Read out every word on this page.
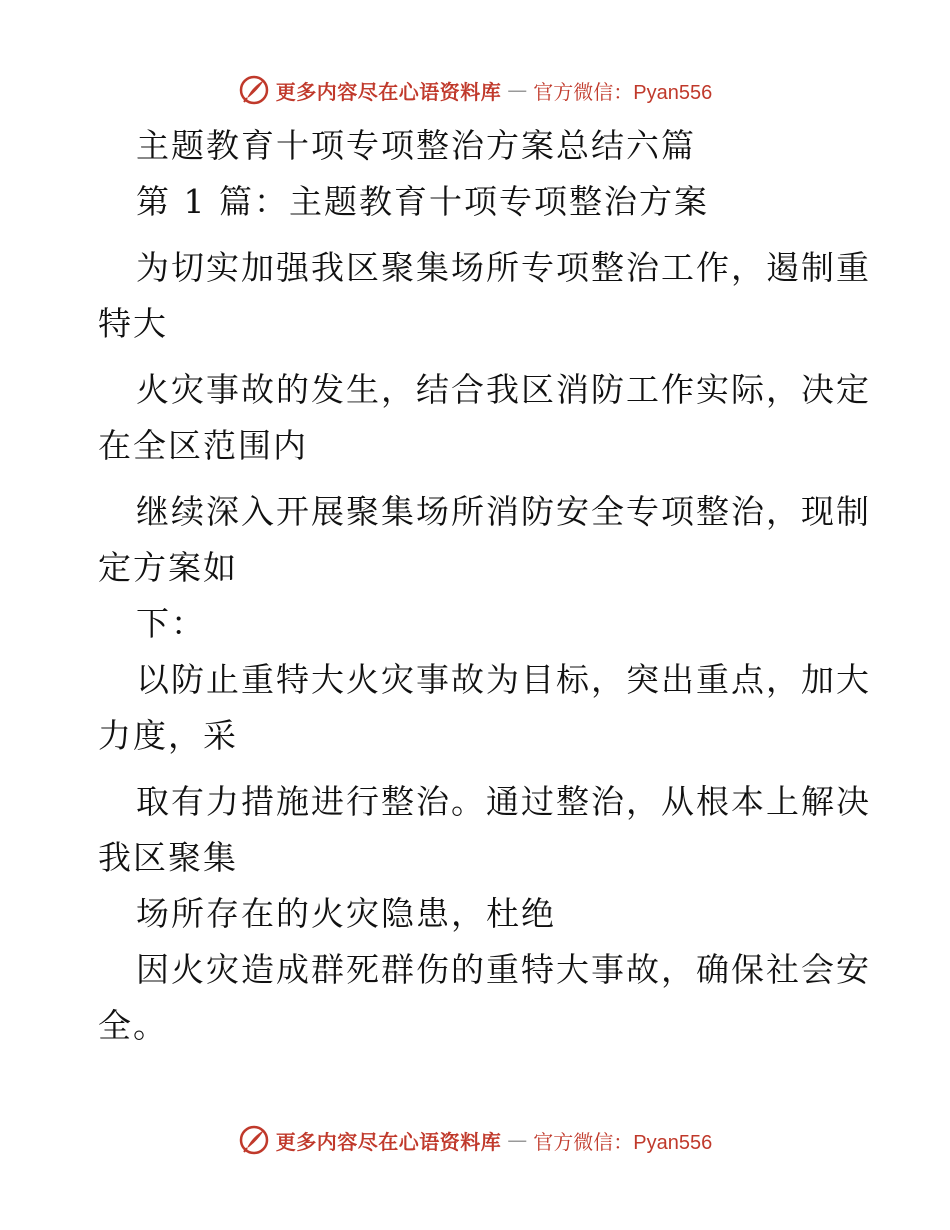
更多内容尽在心语资料库 — 官方微信：Pyan556
主题教育十项专项整治方案总结六篇
第 1 篇：主题教育十项专项整治方案
为切实加强我区聚集场所专项整治工作，遏制重
特大
火灾事故的发生，结合我区消防工作实际，决定
在全区范围内
继续深入开展聚集场所消防安全专项整治，现制
定方案如
下：
以防止重特大火灾事故为目标，突出重点，加大
力度，采
取有力措施进行整治。通过整治，从根本上解决
我区聚集
场所存在的火灾隐患，杜绝
因火灾造成群死群伤的重特大事故，确保社会安
全。
更多内容尽在心语资料库 — 官方微信：Pyan556
